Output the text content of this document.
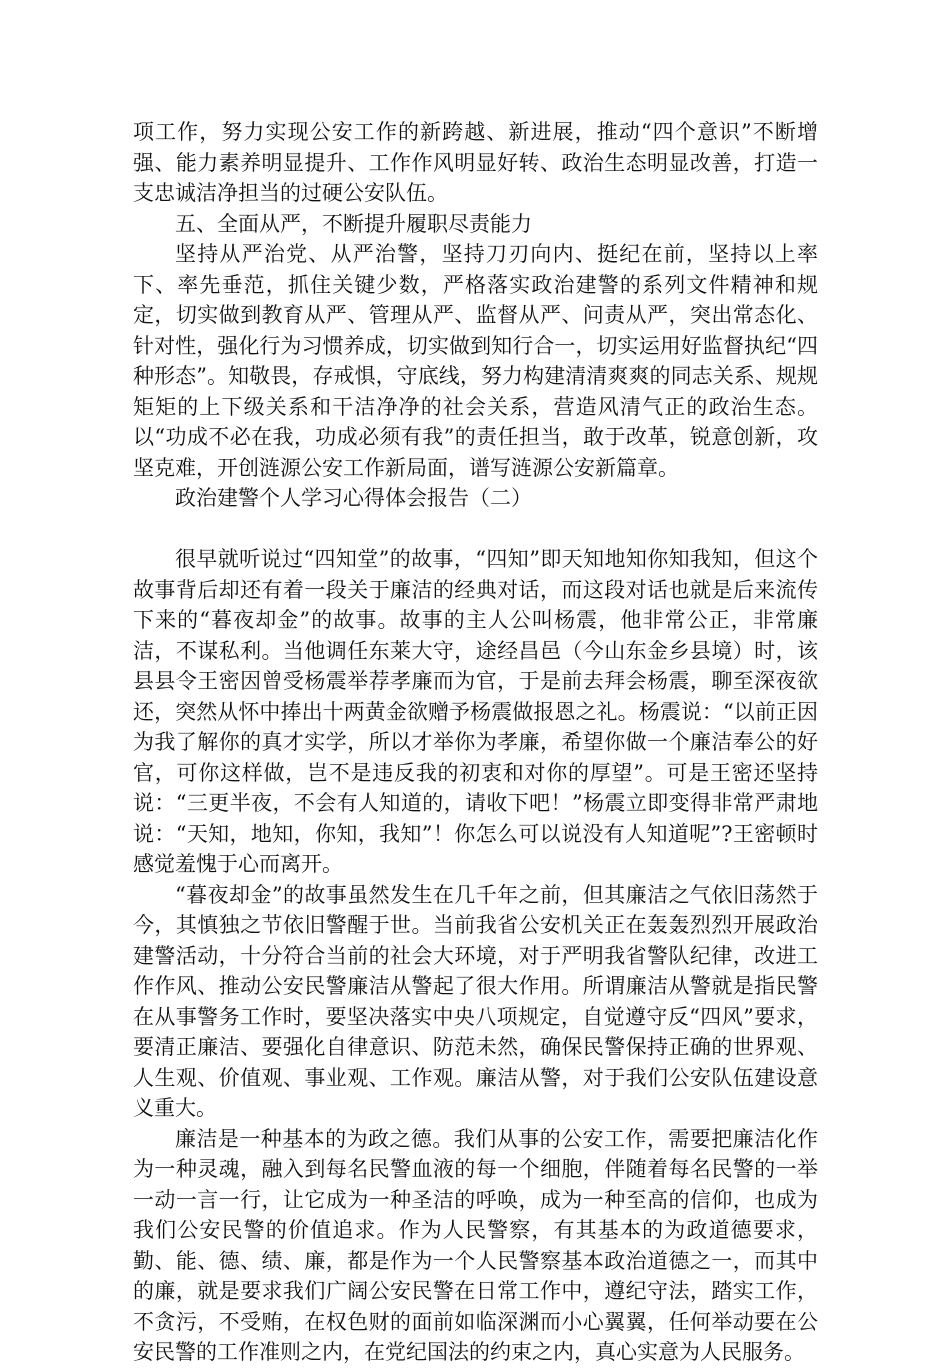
项工作，努力实现公安工作的新跨越、新进展，推动“四个意识”不断增强、能力素养明显提升、工作作风明显好转、政治生态明显改善，打造一支忠诚洁净担当的过硬公安队伍。

五、全面从严，不断提升履职尽责能力

坚持从严治党、从严治警，坚持刀刃向内、挺纪在前，坚持以上率下、率先垂范，抓住关键少数，严格落实政治建警的系列文件精神和规定，切实做到教育从严、管理从严、监督从严、问责从严，突出常态化、针对性，强化行为习惯养成，切实做到知行合一，切实运用好监督执纪“四种形态”。知敬畏，存戒惧，守底线，努力构建清清爽爽的同志关系、规规矩矩的上下级关系和干洁净净的社会关系，营造风清气正的政治生态。以“功成不必在我，功成必须有我”的责任担当，敢于改革，锐意创新，攻坚克难，开创涟源公安工作新局面，谱写涟源公安新篇章。

政治建警个人学习心得体会报告（二）

很早就听说过“四知堂”的故事，“四知”即天知地知你知我知，但这个故事背后却还有着一段关于廉洁的经典对话，而这段对话也就是后来流传下来的“暮夜却金”的故事。故事的主人公叫杨震，他非常公正，非常廉洁，不谋私利。当他调任东莱大守，途经昌邑（今山东金乡县境）时，该县县令王密因曾受杨震举荐孝廉而为官，于是前去拜会杨震，聊至深夜欲还，突然从怀中捧出十两黄金欲赠予杨震做报恩之礼。杨震说：“以前正因为我了解你的真才实学，所以才举你为孝廉，希望你做一个廉洁奉公的好官，可你这样做，岂不是违反我的初衷和对你的厚望”。可是王密还坚持说：“三更半夜，不会有人知道的，请收下吧！”杨震立即变得非常严肃地说：“天知，地知，你知，我知”！你怎么可以说没有人知道呢”?王密顿时感觉羞愧于心而离开。

“暮夜却金”的故事虽然发生在几千年之前，但其廉洁之气依旧荡然于今，其慎独之节依旧警醒于世。当前我省公安机关正在轰轰烈烈开展政治建警活动，十分符合当前的社会大环境，对于严明我省警队纪律，改进工作作风、推动公安民警廉洁从警起了很大作用。所谓廉洁从警就是指民警在从事警务工作时，要坚决落实中央八项规定，自觉遵守反“四风”要求，要清正廉洁、要强化自律意识、防范未然，确保民警保持正确的世界观、人生观、价值观、事业观、工作观。廉洁从警，对于我们公安队伍建设意义重大。

廉洁是一种基本的为政之德。我们从事的公安工作，需要把廉洁化作为一种灵魂，融入到每名民警血液的每一个细胞，伴随着每名民警的一举一动一言一行，让它成为一种圣洁的呼唤，成为一种至高的信仰，也成为我们公安民警的价值追求。作为人民警察，有其基本的为政道德要求，勤、能、德、绩、廉，都是作为一个人民警察基本政治道德之一，而其中的廉，就是要求我们广阔公安民警在日常工作中，遵纪守法，踏实工作，不贪污，不受贿，在权色财的面前如临深渊而小心翼翼，任何举动要在公安民警的工作准则之内，在党纪国法的约束之内，真心实意为人民服务。
